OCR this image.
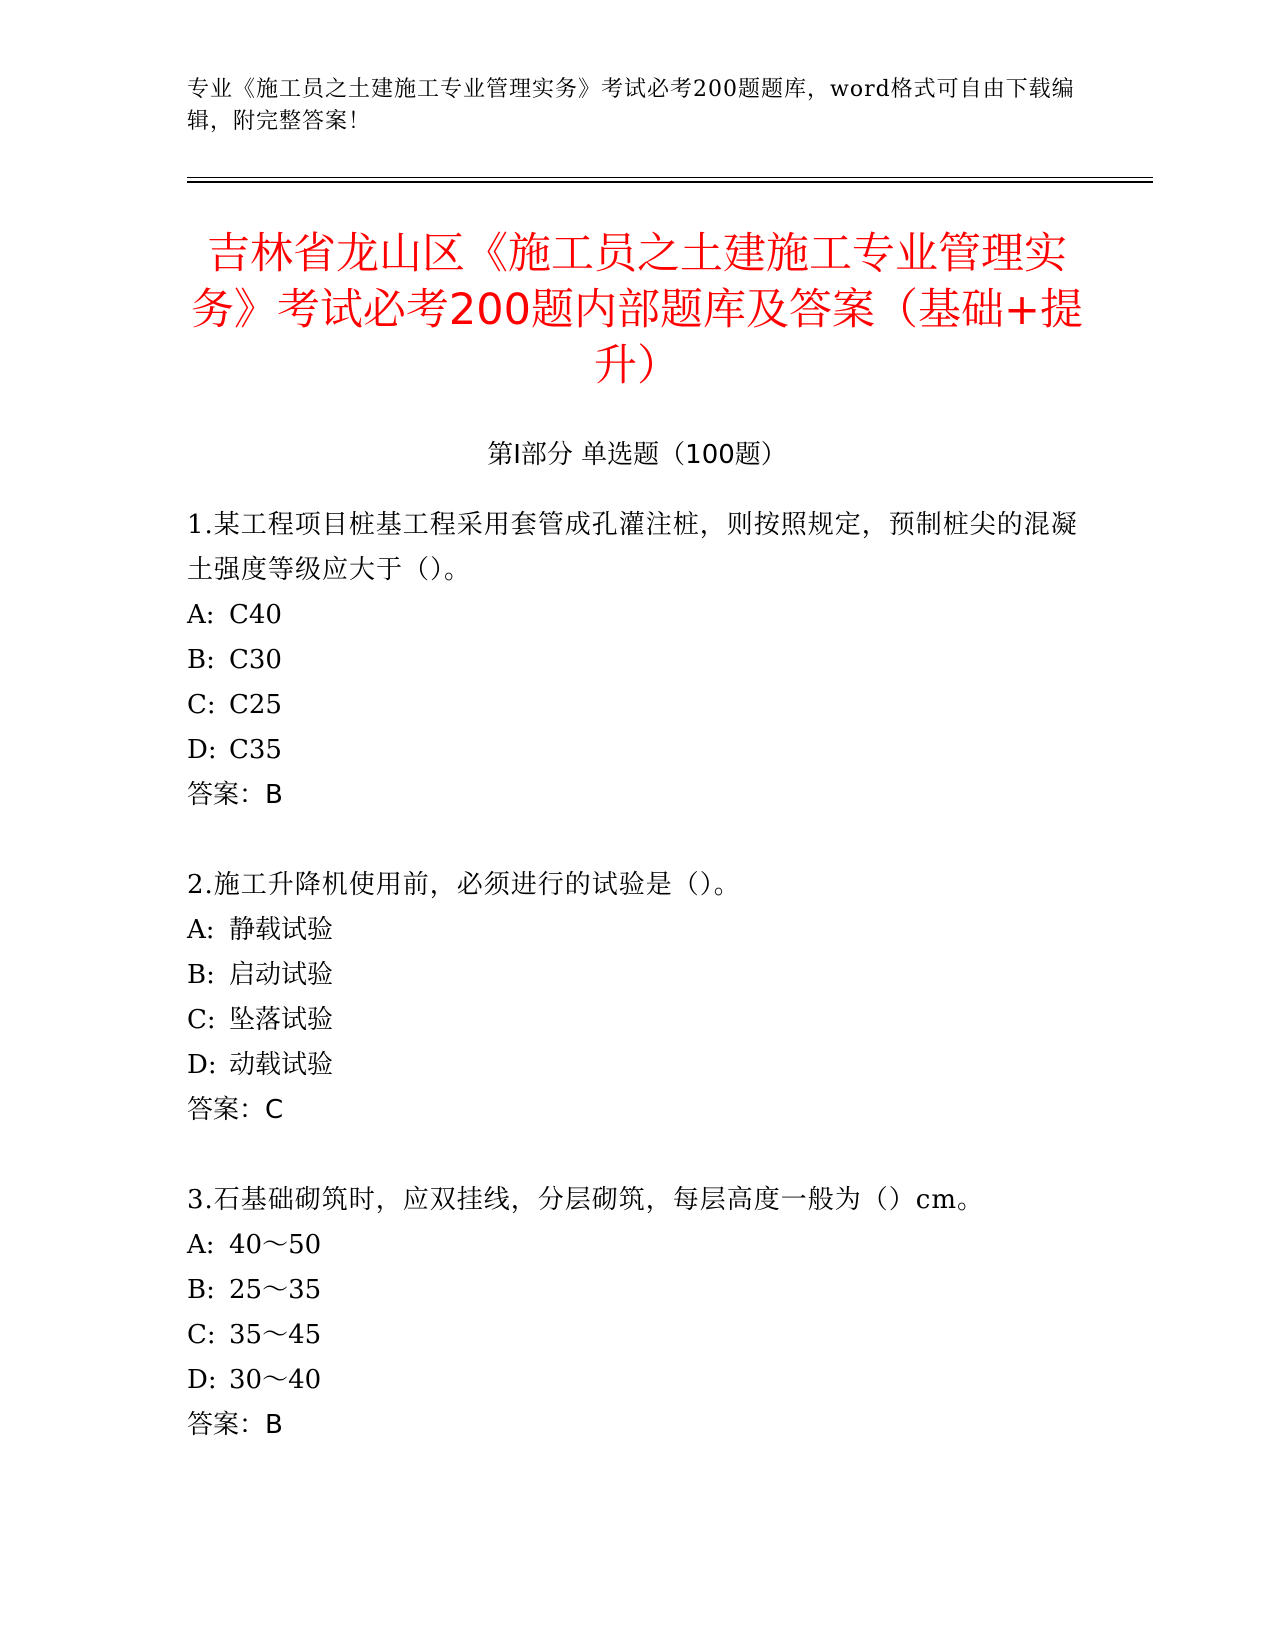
专业《施工员之土建施工专业管理实务》考试必考200题题库，word格式可自由下载编辑，附完整答案！
吉林省龙山区《施工员之土建施工专业管理实务》考试必考200题内部题库及答案（基础+提升）
第Ⅰ部分 单选题（100题）

1.某工程项目桩基工程采用套管成孔灌注桩，则按照规定，预制桩尖的混凝土强度等级应大于（）。

A: C40

B: C30

C: C25

D: C35

答案：B

2.施工升降机使用前，必须进行的试验是（）。

A: 静载试验

B: 启动试验

C: 坠落试验

D: 动载试验

答案：C

3.石基础砌筑时，应双挂线，分层砌筑，每层高度一般为（）cm。

A: 40～50

B: 25～35

C: 35～45

D: 30～40

答案：B
